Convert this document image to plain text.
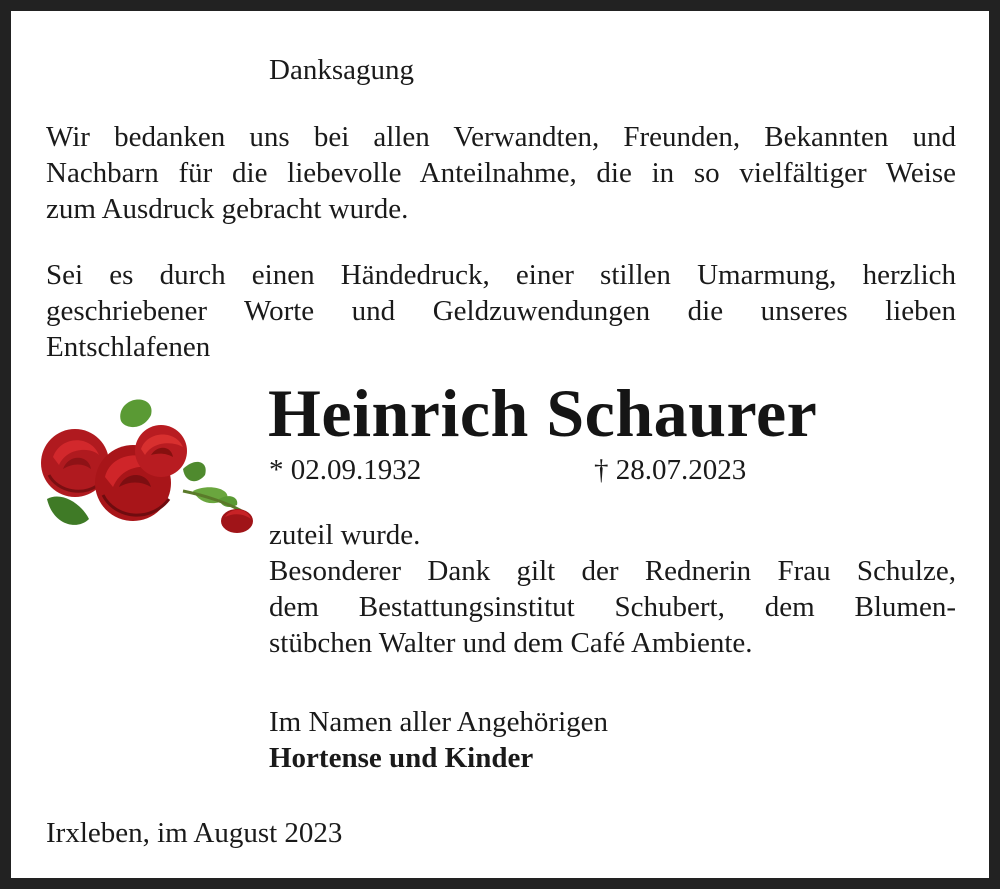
Danksagung
Wir bedanken uns bei allen Verwandten, Freunden, Bekannten und
Nachbarn für die liebevolle Anteilnahme, die in so vielfältiger Weise
zum Ausdruck gebracht wurde.
Sei es durch einen Händedruck, einer stillen Umarmung, herzlich
geschriebener Worte und Geldzuwendungen die unseres lieben
Entschlafenen
Heinrich Schaurer
* 02.09.1932	† 28.07.2023
zuteil wurde.
Besonderer Dank gilt der Rednerin Frau Schulze,
dem Bestattungsinstitut Schubert, dem Blumen-
stübchen Walter und dem Café Ambiente.
Im Namen aller Angehörigen
Hortense und Kinder
Irxleben, im August 2023
